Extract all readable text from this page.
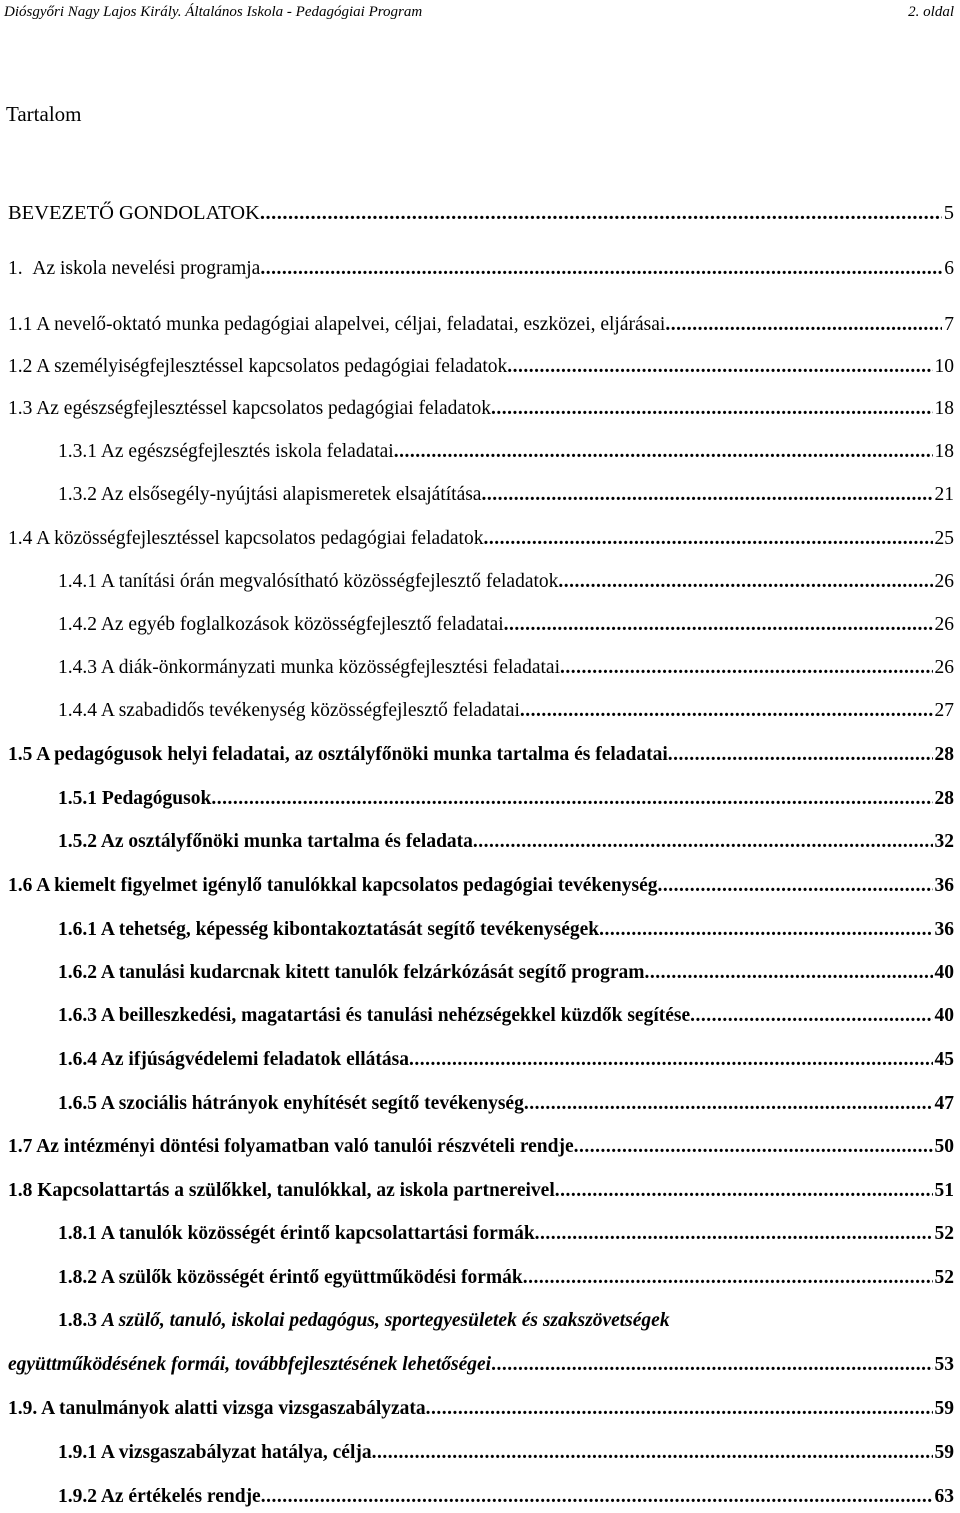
Diósgyőri Nagy Lajos Király. Általános Iskola - Pedagógiai Program	2. oldal
Tartalom
BEVEZETŐ GONDOLATOK .....	5
1. Az iskola nevelési programja .....	6
1.1 A nevelő-oktató munka pedagógiai alapelvei, céljai, feladatai, eszközei, eljárásai .....	7
1.2 A személyiségfejlesztéssel kapcsolatos pedagógiai feladatok .....	10
1.3 Az egészségfejlesztéssel kapcsolatos pedagógiai feladatok .....	18
1.3.1 Az egészségfejlesztés iskola feladatai .....	18
1.3.2 Az elsősegély-nyújtási alapismeretek elsajátítása .....	21
1.4 A közösségfejlesztéssel kapcsolatos pedagógiai feladatok .....	25
1.4.1 A tanítási órán megvalósítható közösségfejlesztő feladatok .....	26
1.4.2 Az egyéb foglalkozások közösségfejlesztő feladatai .....	26
1.4.3 A diák-önkormányzati munka közösségfejlesztési feladatai .....	26
1.4.4 A szabadidős tevékenység közösségfejlesztő feladatai .....	27
1.5 A pedagógusok helyi feladatai, az osztályfőnöki munka tartalma és feladatai .....	28
1.5.1 Pedagógusok .....	28
1.5.2 Az osztályfőnöki munka tartalma és feladata .....	32
1.6 A kiemelt figyelmet igénylő tanulókkal kapcsolatos pedagógiai tevékenység .....	36
1.6.1 A tehetség, képesség kibontakoztatását segítő tevékenységek .....	36
1.6.2 A tanulási kudarcnak kitett tanulók felzárkózását segítő program .....	40
1.6.3 A beilleszkedési, magatartási és tanulási nehézségekkel küzdők segítése .....	40
1.6.4 Az ifjúságvédelemi feladatok ellátása .....	45
1.6.5 A szociális hátrányok enyhítését segítő tevékenység .....	47
1.7 Az intézményi döntési folyamatban való tanulói részvételi rendje .....	50
1.8 Kapcsolattartás a szülőkkel, tanulókkal, az iskola partnereivel .....	51
1.8.1 A tanulók közösségét érintő kapcsolattartási formák .....	52
1.8.2 A szülők közösségét érintő együttműködési formák .....	52
1.8.3 A szülő, tanuló, iskolai pedagógus, sportegyesületek és szakszövetségek
együttműködésének formái, továbbfejlesztésének lehetőségei .....	53
1.9. A tanulmányok alatti vizsga vizsgaszabályzata .....	59
1.9.1 A vizsgaszabályzat hatálya, célja .....	59
1.9.2 Az értékelés rendje .....	63
